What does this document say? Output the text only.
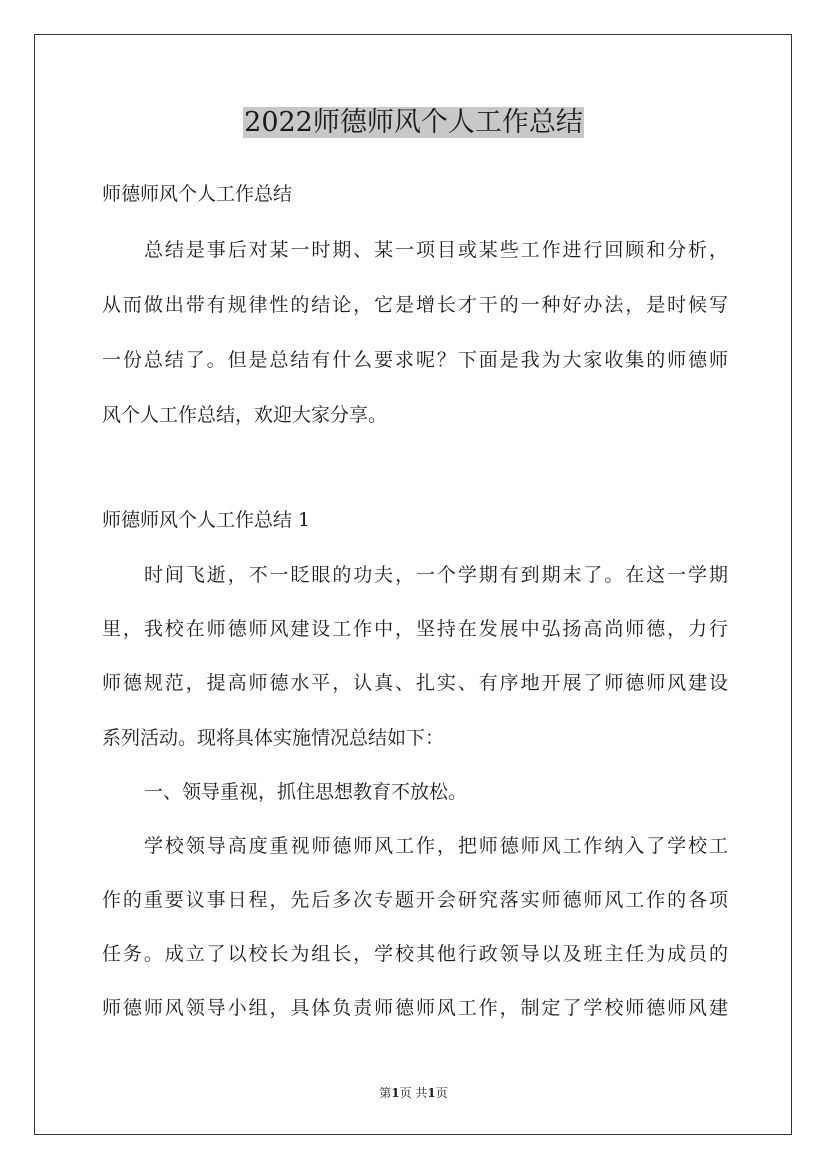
2022师德师风个人工作总结

师德师风个人工作总结

总结是事后对某一时期、某一项目或某些工作进行回顾和分析，

从而做出带有规律性的结论，它是增长才干的一种好办法，是时候写

一份总结了。但是总结有什么要求呢？下面是我为大家收集的师德师

风个人工作总结，欢迎大家分享。

师德师风个人工作总结 1

时间飞逝，不一眨眼的功夫，一个学期有到期末了。在这一学期

里，我校在师德师风建设工作中，坚持在发展中弘扬高尚师德，力行

师德规范，提高师德水平，认真、扎实、有序地开展了师德师风建设

系列活动。现将具体实施情况总结如下：

一、领导重视，抓住思想教育不放松。

学校领导高度重视师德师风工作，把师德师风工作纳入了学校工

作的重要议事日程，先后多次专题开会研究落实师德师风工作的各项

任务。成立了以校长为组长，学校其他行政领导以及班主任为成员的

师德师风领导小组，具体负责师德师风工作，制定了学校师德师风建

第1页 共1页
